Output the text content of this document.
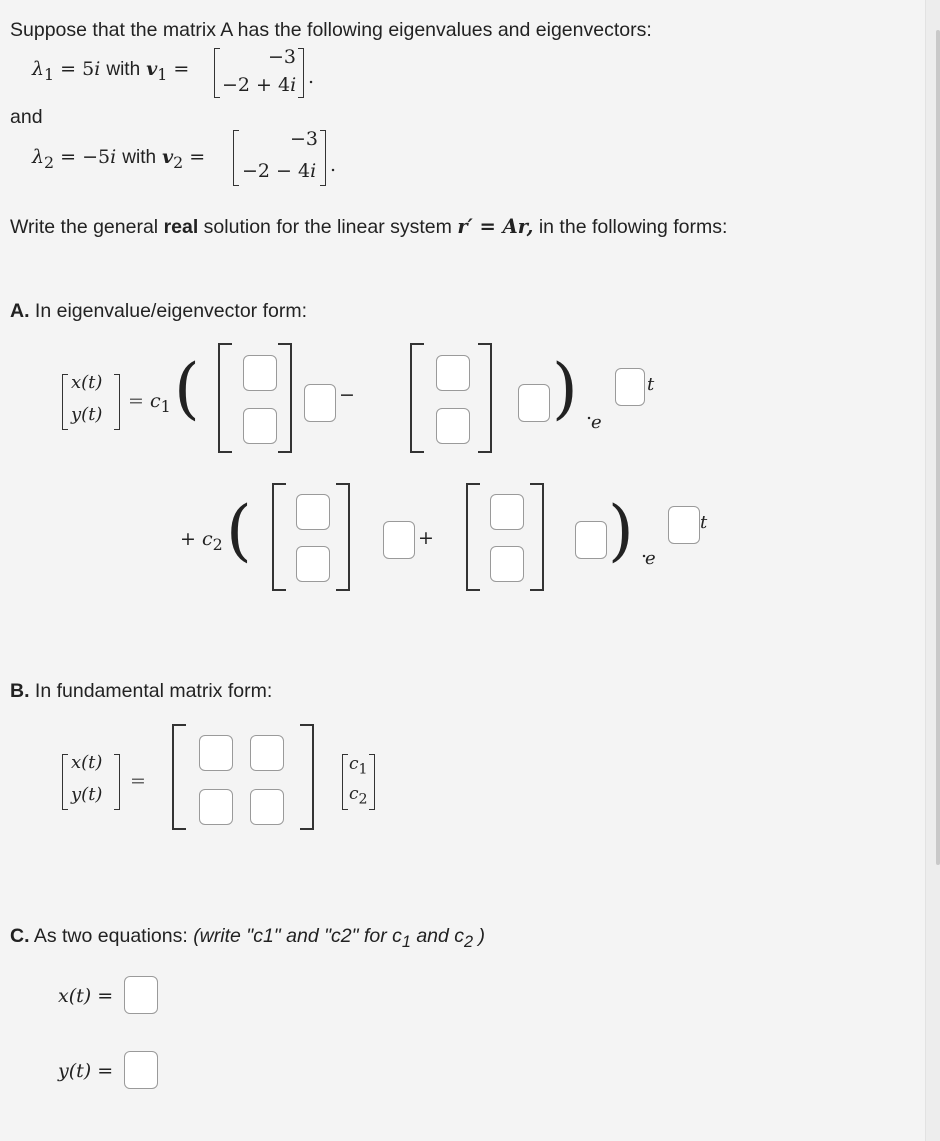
Suppose that the matrix A has the following eigenvalues and eigenvectors:
$\lambda_1 = 5i$ with $v_1$ =
−3
−2 + 4i .
and
$\lambda_2 = -5i$ with $v_2$ =
−3
−2 − 4i .
Write the general real solution for the linear system r′ = Ar, in the following forms:
A. In eigenvalue/eigenvector form:
x(t)
y(t)
= $c_1$ (	−	) .
e
t
+ $c_2$ (	+	) .
e
t
B. In fundamental matrix form:
x(t)
y(t)
=
$c_1$
$c_2$
C. As two equations: (write "c1" and "c2" for $c_1$ and $c_2$ )
x(t) =
y(t) =
